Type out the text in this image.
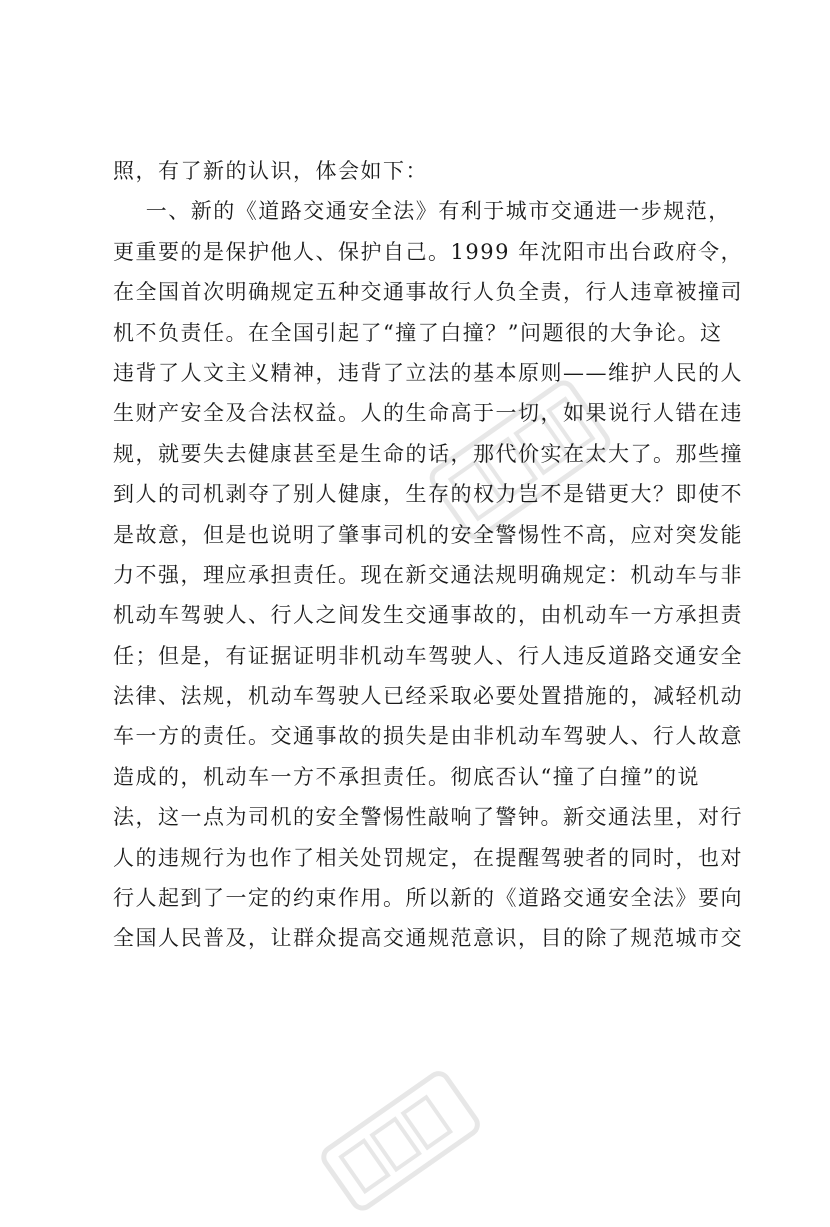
照，有了新的认识，体会如下：
一、新的《道路交通安全法》有利于城市交通进一步规范，
更重要的是保护他人、保护自己。1999 年沈阳市出台政府令，
在全国首次明确规定五种交通事故行人负全责，行人违章被撞司
机不负责任。在全国引起了“撞了白撞？”问题很的大争论。这
违背了人文主义精神，违背了立法的基本原则——维护人民的人
生财产安全及合法权益。人的生命高于一切，如果说行人错在违
规，就要失去健康甚至是生命的话，那代价实在太大了。那些撞
到人的司机剥夺了别人健康，生存的权力岂不是错更大？即使不
是故意，但是也说明了肇事司机的安全警惕性不高，应对突发能
力不强，理应承担责任。现在新交通法规明确规定：机动车与非
机动车驾驶人、行人之间发生交通事故的，由机动车一方承担责
任；但是，有证据证明非机动车驾驶人、行人违反道路交通安全
法律、法规，机动车驾驶人已经采取必要处置措施的，减轻机动
车一方的责任。交通事故的损失是由非机动车驾驶人、行人故意
造成的，机动车一方不承担责任。彻底否认“撞了白撞”的说
法，这一点为司机的安全警惕性敲响了警钟。新交通法里，对行
人的违规行为也作了相关处罚规定，在提醒驾驶者的同时，也对
行人起到了一定的约束作用。所以新的《道路交通安全法》要向
全国人民普及，让群众提高交通规范意识，目的除了规范城市交
